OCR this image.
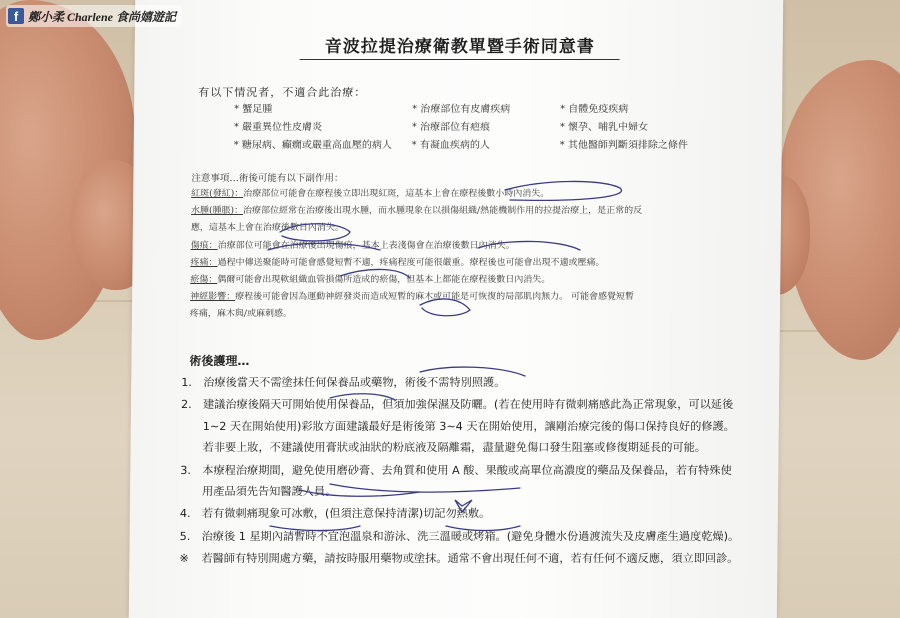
f 鄭小柔 Charlene 食尚嬉遊記
音波拉提治療衛教單暨手術同意書
有以下情況者，不適合此治療：
* 蟹足腫	* 治療部位有皮膚疾病	* 自體免疫疾病
* 嚴重異位性皮膚炎	* 治療部位有疤痕	* 懷孕、哺乳中婦女
* 糖尿病、癲癇或嚴重高血壓的病人	* 有凝血疾病的人	* 其他醫師判斷須排除之條件
注意事項…術後可能有以下副作用：

紅斑(發紅)：治療部位可能會在療程後立即出現紅斑，這基本上會在療程後數小時內消失。

水腫(腫脹)：治療部位經常在治療後出現水腫，而水腫現象在以損傷組織/熱能機制作用的拉提治療上，是正常的反

應，這基本上會在治療後數日內消失。

傷痕：治療部位可能會在治療後出現傷痕，基本上表淺傷會在治療後數日內消失。

疼痛：過程中傳送聚能時可能會感覺短暫不適，疼痛程度可能很嚴重。療程後也可能會出現不適或壓痛。

瘀傷：偶爾可能會出現軟組織血管損傷所造成的瘀傷，但基本上都能在療程後數日內消失。

神經影響：療程後可能會因為運動神經發炎而造成短暫的麻木或可能是可恢復的局部肌肉無力。 可能會感覺短暫

疼痛，麻木與/或麻刺感。

術後護理…
1. 治療後當天不需塗抹任何保養品或藥物，術後不需特別照護。
2. 建議治療後隔天可開始使用保養品，但須加強保濕及防曬。(若在使用時有微刺痛感此為正常現象，可以延後 1~2 天在開始使用)彩妝方面建議最好是術後第 3~4 天在開始使用，讓剛治療完後的傷口保持良好的修護。若非要上妝，不建議使用膏狀或油狀的粉底液及隔離霜，盡量避免傷口發生阻塞或修復期延長的可能。
3. 本療程治療期間，避免使用磨砂膏、去角質和使用 A 酸、果酸或高單位高濃度的藥品及保養品，若有特殊使用產品須先告知醫護人員。
4. 若有微刺痛現象可冰敷，(但須注意保持清潔)切記勿熱敷。
5. 治療後 1 星期內請暫時不宜泡溫泉和游泳、洗三溫暖或烤箱。(避免身體水份過渡流失及皮膚產生過度乾燥)。
※	若醫師有特別開處方藥，請按時服用藥物或塗抹。通常不會出現任何不適，若有任何不適反應，須立即回診。
